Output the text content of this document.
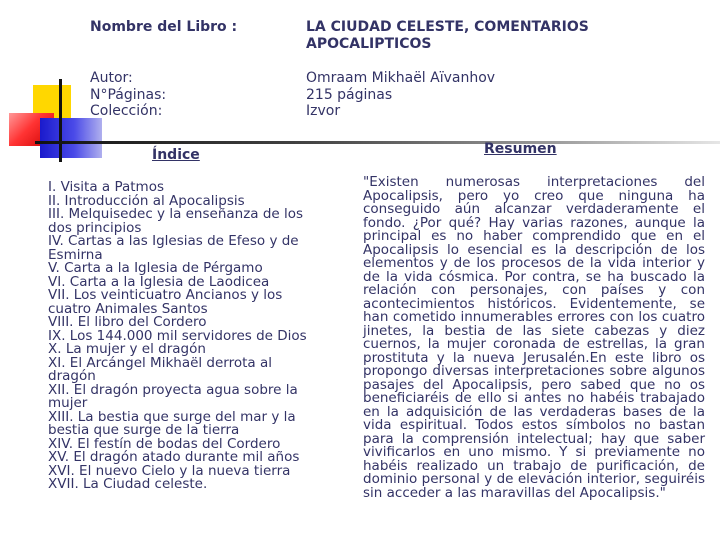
Nombre del Libro :	LA CIUDAD CELESTE, COMENTARIOS APOCALIPTICOS
Autor:	Omraam Mikhaël Aïvanhov
N°Páginas:	215 páginas
Colección:	Izvor
Índice	Resumen
I. Visita a Patmos
II. Introducción al Apocalipsis
III. Melquisedec y la enseñanza de los dos principios
IV. Cartas a las Iglesias de Efeso y de Esmirna
V. Carta a la Iglesia de Pérgamo
VI. Carta a la Iglesia de Laodicea
VII. Los veinticuatro Ancianos y los cuatro Animales Santos
VIII. El libro del Cordero
IX. Los 144.000 mil servidores de Dios
X. La mujer y el dragón
XI. El Arcángel Mikhaël derrota al dragón
XII. El dragón proyecta agua sobre la mujer
XIII. La bestia que surge del mar y la bestia que surge de la tierra
XIV. El festín de bodas del Cordero
XV. El dragón atado durante mil años
XVI. El nuevo Cielo y la nueva tierra
XVII. La Ciudad celeste.

"Existen numerosas interpretaciones del Apocalipsis, pero yo creo que ninguna ha conseguido aún alcanzar verdaderamente el fondo. ¿Por qué? Hay varias razones, aunque la principal es no haber comprendido que en el Apocalipsis lo esencial es la descripción de los elementos y de los procesos de la vida interior y de la vida cósmica. Por contra, se ha buscado la relación con personajes, con países y con acontecimientos históricos. Evidentemente, se han cometido innumerables errores con los cuatro jinetes, la bestia de las siete cabezas y diez cuernos, la mujer coronada de estrellas, la gran prostituta y la nueva Jerusalén.En este libro os propongo diversas interpretaciones sobre algunos pasajes del Apocalipsis, pero sabed que no os beneficiaréis de ello si antes no habéis trabajado en la adquisición de las verdaderas bases de la vida espiritual. Todos estos símbolos no bastan para la comprensión intelectual; hay que saber vivificarlos en uno mismo. Y si previamente no habéis realizado un trabajo de purificación, de dominio personal y de elevación interior, seguiréis sin acceder a las maravillas del Apocalipsis."
